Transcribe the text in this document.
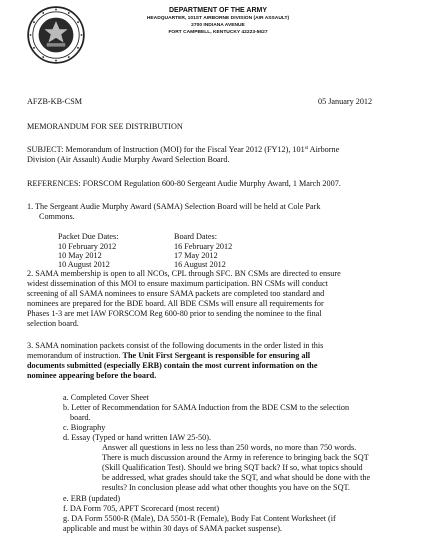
DEPARTMENT OF THE ARMY
HEADQUARTER, 101ST AIRBORNE DIVISION (AIR ASSAULT)
2700 INDIANA AVENUE
FORT CAMPBELL, KENTUCKY 42223-5627
AFZB-KB-CSM	05 January 2012
MEMORANDUM FOR SEE DISTRIBUTION
SUBJECT: Memorandum of Instruction (MOI) for the Fiscal Year 2012 (FY12), 101st Airborne
Division (Air Assault) Audie Murphy Award Selection Board.
REFERENCES: FORSCOM Regulation 600-80 Sergeant Audie Murphy Award, 1 March 2007.
1. The Sergeant Audie Murphy Award (SAMA) Selection Board will be held at Cole Park
Commons.
Packet Due Dates:	Board Dates:
10 February 2012
10 May 2012
10 August 2012
16 February 2012
17 May 2012
16 August 2012
2. SAMA membership is open to all NCOs, CPL through SFC. BN CSMs are directed to ensure
widest dissemination of this MOI to ensure maximum participation. BN CSMs will conduct
screening of all SAMA nominees to ensure SAMA packets are completed too standard and
nominees are prepared for the BDE board. All BDE CSMs will ensure all requirements for
Phases 1-3 are met IAW FORSCOM Reg 600-80 prior to sending the nominee to the final
selection board.
3. SAMA nomination packets consist of the following documents in the order listed in this
memorandum of instruction. The Unit First Sergeant is responsible for ensuring all
documents submitted (especially ERB) contain the most current information on the
nominee appearing before the board.
a. Completed Cover Sheet
b. Letter of Recommendation for SAMA Induction from the BDE CSM to the selection
board.
c. Biography
d. Essay (Typed or hand written IAW 25-50).
Answer all questions in less no less than 250 words, no more than 750 words.
There is much discussion around the Army in reference to bringing back the SQT
(Skill Qualification Test). Should we bring SQT back? If so, what topics should
be addressed, what grades should take the SQT, and what should be done with the
results? In conclusion please add what other thoughts you have on the SQT.
e. ERB (updated)
f. DA Form 705, APFT Scorecard (most recent)
g. DA Form 5500-R (Male), DA 5501-R (Female), Body Fat Content Worksheet (if
applicable and must be within 30 days of SAMA packet suspense).
